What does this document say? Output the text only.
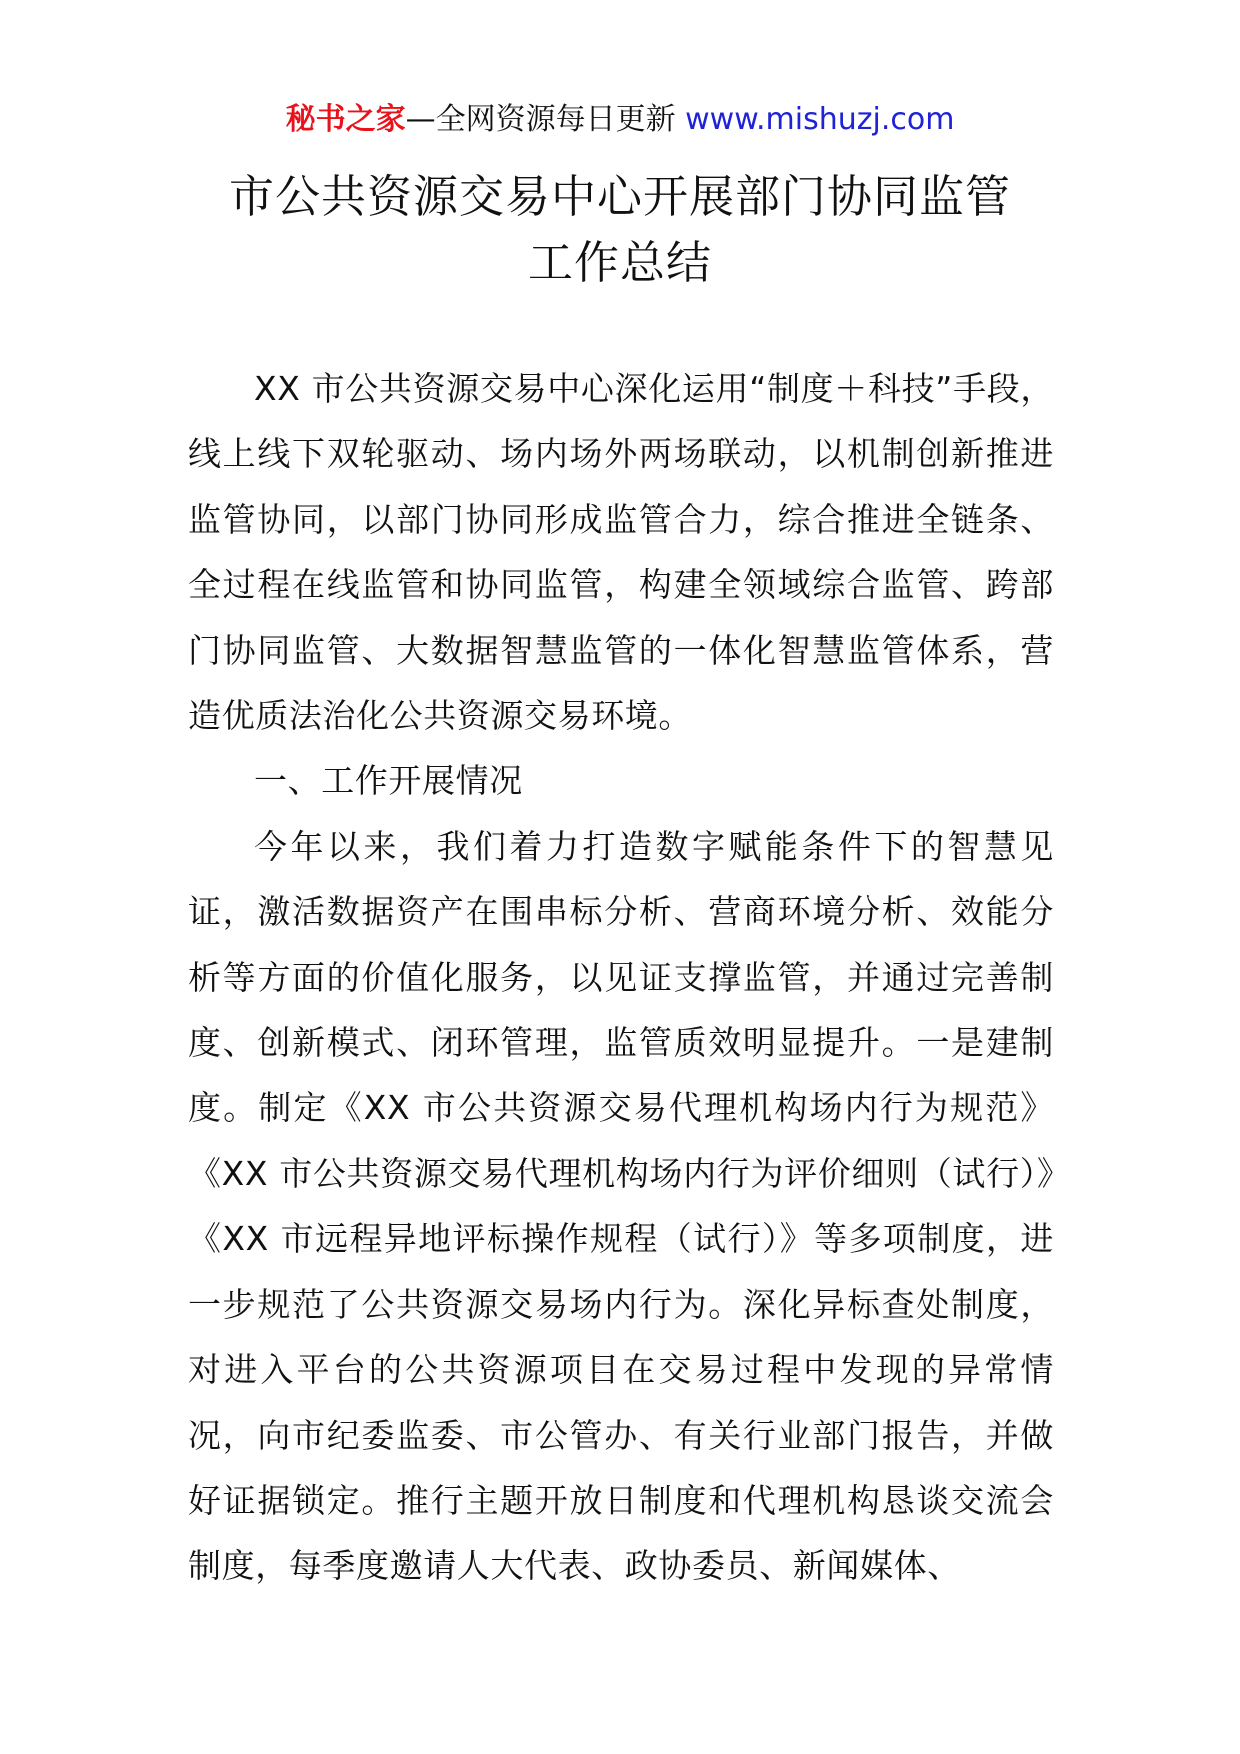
秘书之家—全网资源每日更新 www.mishuzj.com
市公共资源交易中心开展部门协同监管
工作总结

XX 市公共资源交易中心深化运用“制度＋科技”手段，线上线下双轮驱动、场内场外两场联动，以机制创新推进监管协同，以部门协同形成监管合力，综合推进全链条、全过程在线监管和协同监管，构建全领域综合监管、跨部门协同监管、大数据智慧监管的一体化智慧监管体系，营造优质法治化公共资源交易环境。

一、工作开展情况

今年以来，我们着力打造数字赋能条件下的智慧见证，激活数据资产在围串标分析、营商环境分析、效能分析等方面的价值化服务，以见证支撑监管，并通过完善制度、创新模式、闭环管理，监管质效明显提升。一是建制度。制定《XX 市公共资源交易代理机构场内行为规范》《XX 市公共资源交易代理机构场内行为评价细则（试行）》《XX 市远程异地评标操作规程（试行）》等多项制度，进一步规范了公共资源交易场内行为。深化异标查处制度，对进入平台的公共资源项目在交易过程中发现的异常情况，向市纪委监委、市公管办、有关行业部门报告，并做好证据锁定。推行主题开放日制度和代理机构恳谈交流会制度，每季度邀请人大代表、政协委员、新闻媒体、
